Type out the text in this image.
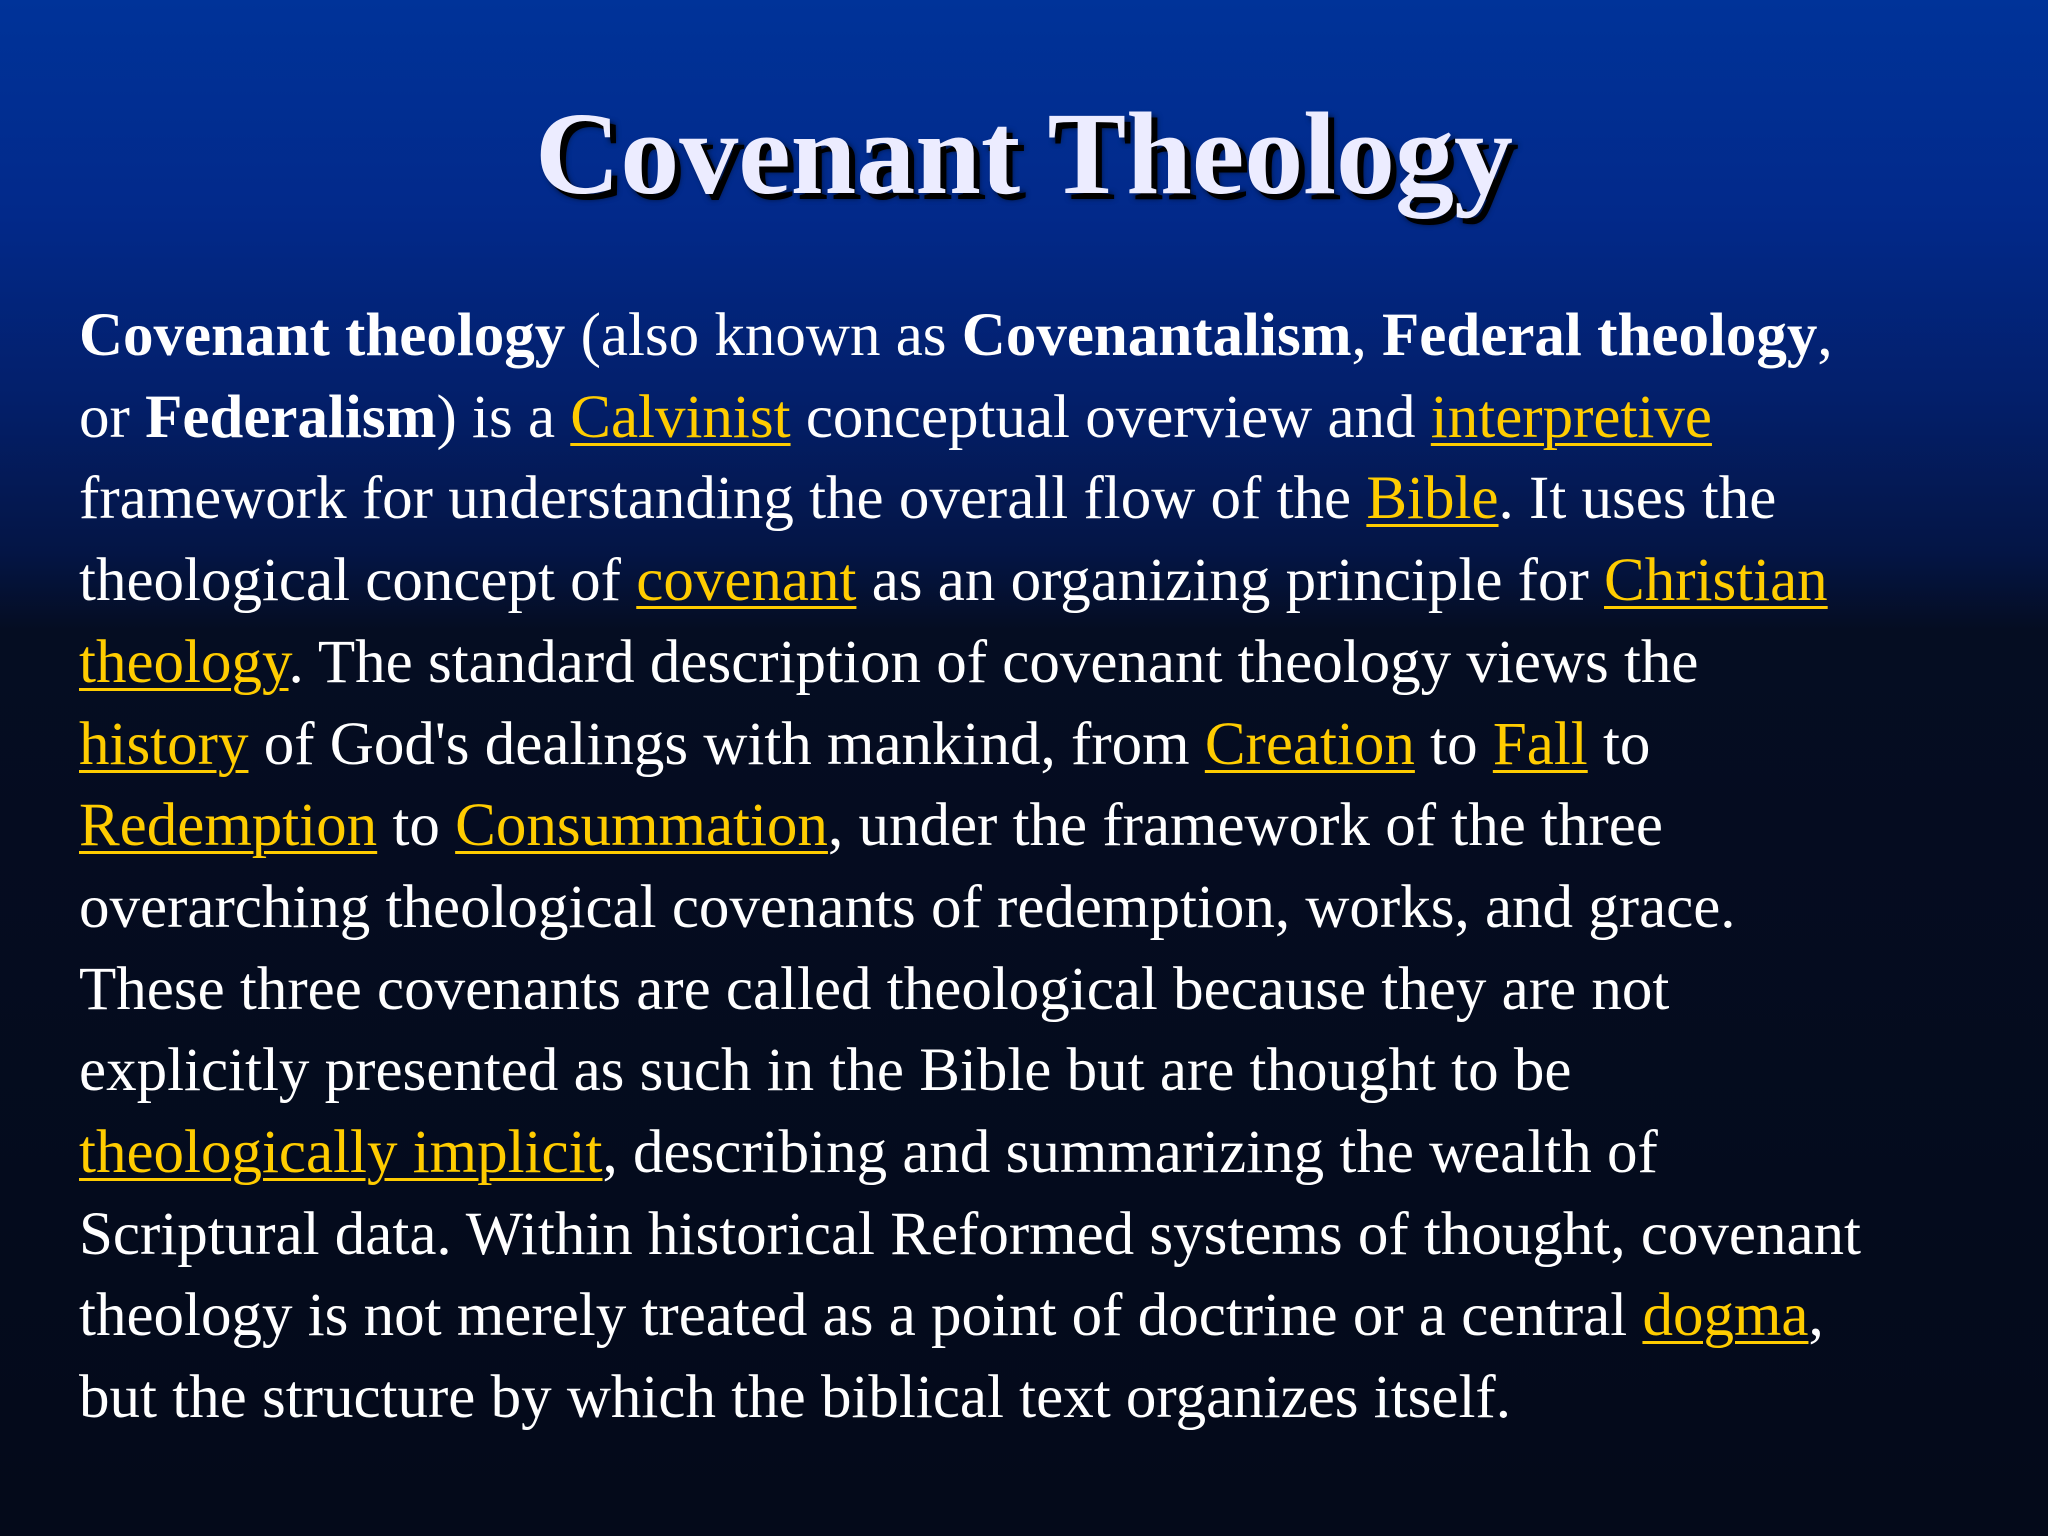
Covenant Theology
Covenant theology (also known as Covenantalism, Federal theology,
or Federalism) is a Calvinist conceptual overview and interpretive
framework for understanding the overall flow of the Bible. It uses the
theological concept of covenant as an organizing principle for Christian
theology. The standard description of covenant theology views the
history of God's dealings with mankind, from Creation to Fall to
Redemption to Consummation, under the framework of the three
overarching theological covenants of redemption, works, and grace.
These three covenants are called theological because they are not
explicitly presented as such in the Bible but are thought to be
theologically implicit, describing and summarizing the wealth of
Scriptural data. Within historical Reformed systems of thought, covenant
theology is not merely treated as a point of doctrine or a central dogma,
but the structure by which the biblical text organizes itself.
